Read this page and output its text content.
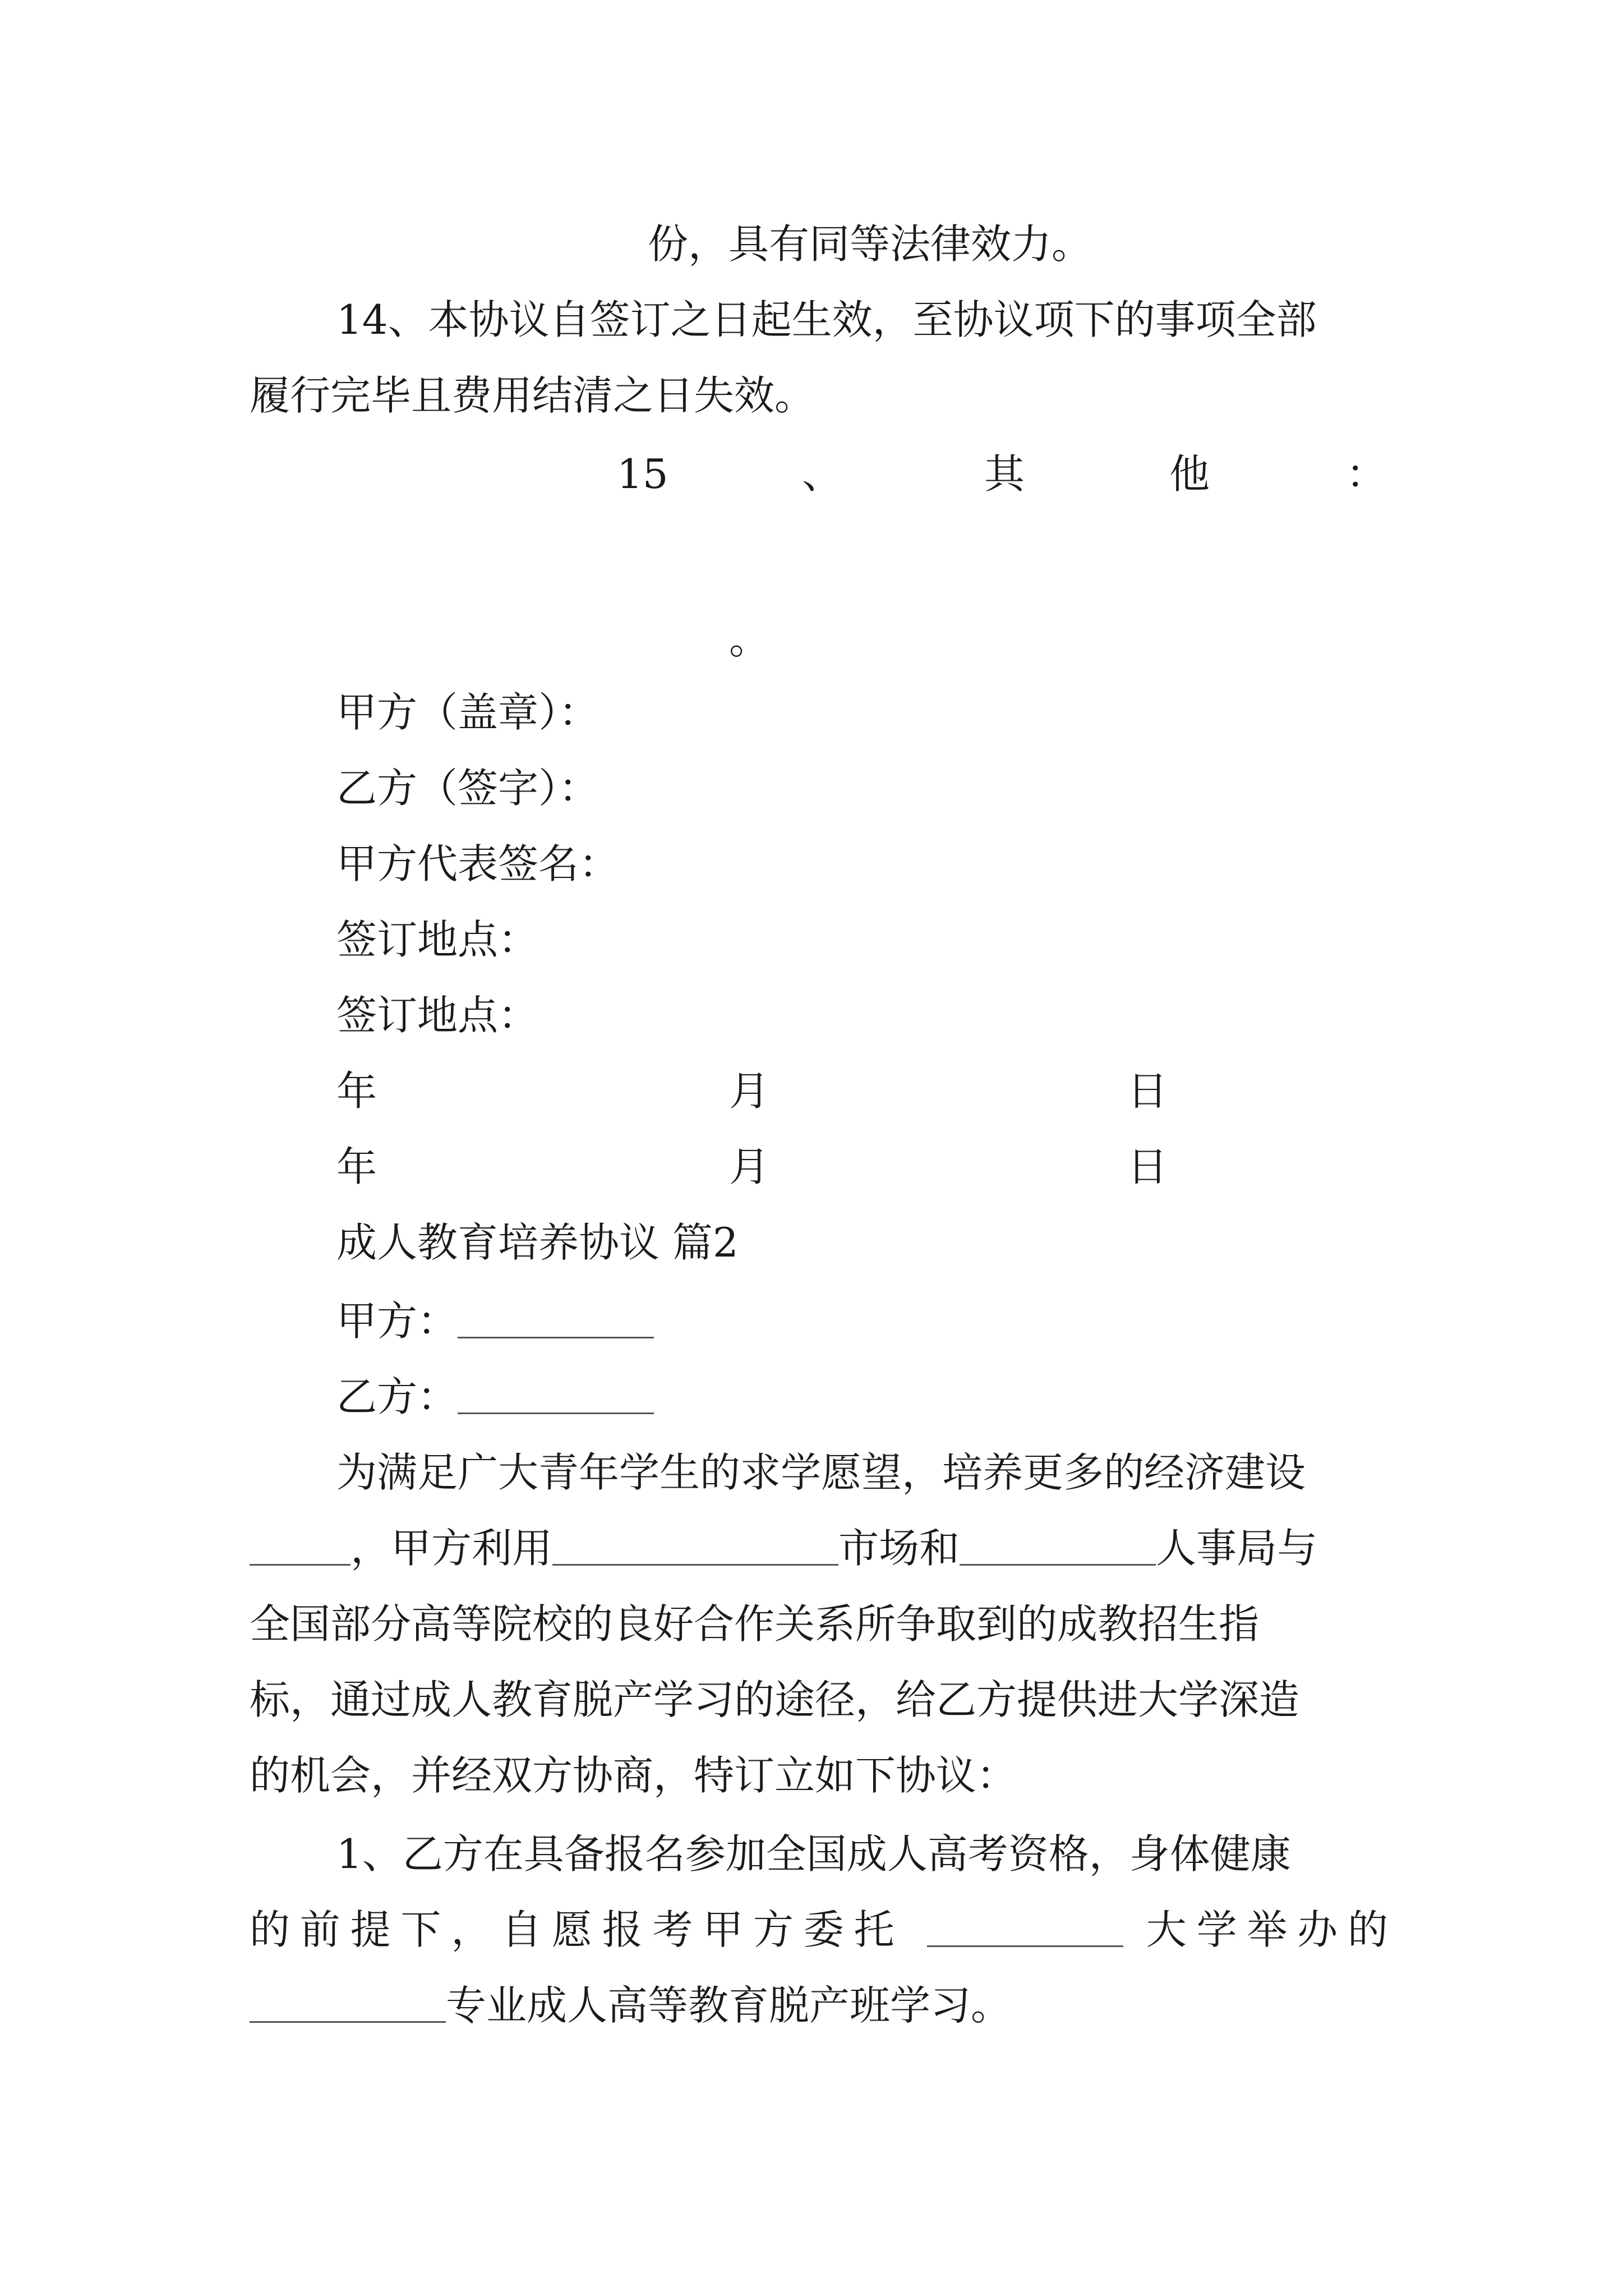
份，具有同等法律效力。
14、本协议自签订之日起生效，至协议项下的事项全部
履行完毕且费用结清之日失效。
15	、	其	他	：
。
甲方（盖章）：
乙方（签字）：
甲方代表签名：
签订地点：
签订地点：
年	月	日
年	月	日
成人教育培养协议 篇2
甲方：
乙方：
为满足广大青年学生的求学愿望，培养更多的经济建设
，甲方利用	市场和	人事局与
全国部分高等院校的良好合作关系所争取到的成教招生指
标，通过成人教育脱产学习的途径，给乙方提供进大学深造
的机会，并经双方协商，特订立如下协议：
1、乙方在具备报名参加全国成人高考资格，身体健康
的前提下，自愿报考甲方委托	大学举办的
专业成人高等教育脱产班学习。
